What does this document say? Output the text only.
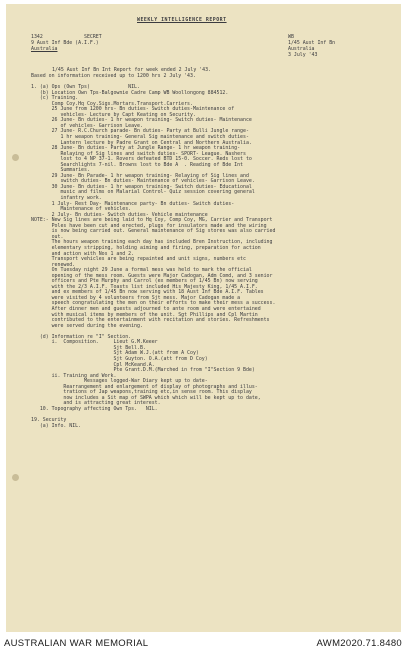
WEEKLY INTELLIGENCE REPORT
1342	SECRET
9 Aust Inf Bde (A.I.F.)
Australia
WB
1/45 Aust Inf Bn
Australia
3 July '43
1/45 Aust Inf Bn Int Report for week ended 2 July '43.
Based on information received up to 1200 hrs 2 July '43.
1. (a) Ops (Own Tps)             NIL.
(b) Location Own Tps-Balgownie Cadre Camp WB Woollongong 884512.
(c) Training.
Comp Coy.Hq Coy.Sigs.Mortars.Transport.Carriers.
25 June from 1200 hrs- Bn duties- Switch duties-Maintenance of
vehicles- Lecture by Capt Keating on Security.
26 June- Bn duties- 1 hr weapon training- Switch duties- Maintenance
of vehicles- Garrison Leave.
27 June- R.C.Church parade- Bn duties- Party at Bulli Jungle range-
1 hr weapon training- General Sig maintenance and switch duties-
Lantern lecture by Padre Grant on Central and Northern Australia.
28 June- Bn duties- Party at Jungle Range- 1 hr weapon training-
Relaying of Sig lines and switch duties- SPORT- League. Nashers
lost to 4 NP 37-1. Rovers defeated BTD 15-0. Soccer. Reds lost to
Searchlights 7-nil. Browns lost to Bde A  . Reading of Bde Int
Summaries.
29 June- Bn Parade- 1 hr weapon training- Relaying of Sig lines and
switch duties- Bn duties- Maintenance of vehicles- Garrison Leave.
30 June- Bn duties- 1 hr weapon training- Switch duties- Educational
music and films on Malarial Control- Quiz session covering general
infantry work.
1 July- Rest Day- Maintenance party- Bn duties- Switch duties-
Maintenance of vehicles.
2 July- Bn duties- Switch duties- Vehicle maintenance
NOTE:- New Sig lines are being laid to Hq Coy, Comp Coy, MG, Carrier and Transport
Poles have been cut and erected, plugs for insulators made and the wiring
is now being carried out. General maintenance of Sig stores was also carried
out.
The hours weapon training each day has included Bren Instruction, including
elementary stripping, holding aiming and firing, preparation for action
and action with Nos 1 and 2.
Transport vehicles are being repainted and unit signs, numbers etc
renewed.
On Tuesday night 29 June a formal mess was held to mark the official
opening of the mess room. Guests were Major Cadogan, Adm Comd, and 3 senior
officers and Pte Murphy and Carrol (ex members of 1/45 Bn) now serving
with the 2/3 A.I.F. Toasts list included His Majesty King, 1/45 A.I.F.
and ex members of 1/45 Bn now serving with 18 Aust Inf Bde A.I.F. Tables
were visited by 4 volunteers from Sjt mess. Major Cadogan made a
speech congratulating the men on their efforts to make their mess a success.
After dinner men and guests adjourned to ante room and were entertained
with musical items by members of the unit. Sgt Phillips and Cpl Martin
contributed to the entertainment with recitation and stories. Refreshments
were served during the evening.
(d) Information re "I" Section.
i.  Composition.     Lieut G.M.Keeer
Sjt Bell.B.
Sjt Adam W.J.(att from A Coy)
Sjt Guyton. O.A.(att from D Coy)
Cpl McKeand.A.
Pte Grant.D.M.(Marched in from "I"Section 9 Bde)
ii. Training and Work.
Messages logged-War Diary kept up to date-
Rearrangement and enlargement of display of photographs and illus-
trations of Jap weapons,training etc,in sense room. This display
now includes a Sit map of SWPA which which will be kept up to date,
and is attracting great interest.
10. Topography affecting Own Tps.   NIL.
19. Security
(a) Info. NIL.
AUSTRALIAN WAR MEMORIAL	AWM2020.71.8480
